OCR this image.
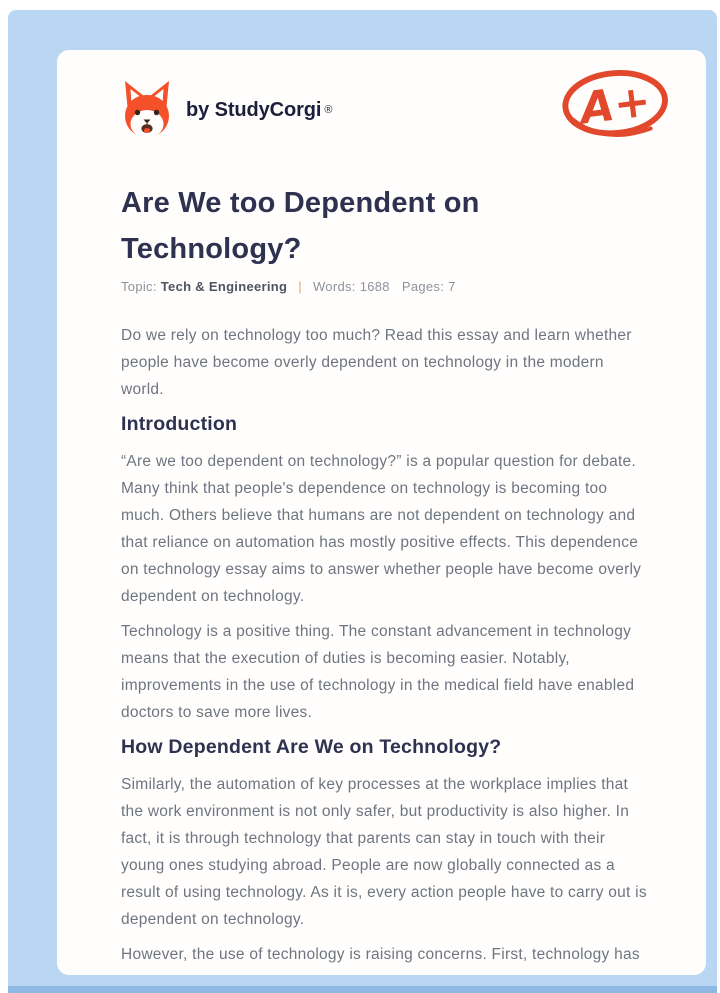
by StudyCorgi ®	A+
Are We too Dependent on Technology?
Topic: Tech & Engineering | Words: 1688 Pages: 7

Do we rely on technology too much? Read this essay and learn whether people have become overly dependent on technology in the modern world.

Introduction

“Are we too dependent on technology?” is a popular question for debate. Many think that people's dependence on technology is becoming too much. Others believe that humans are not dependent on technology and that reliance on automation has mostly positive effects. This dependence on technology essay aims to answer whether people have become overly dependent on technology.

Technology is a positive thing. The constant advancement in technology means that the execution of duties is becoming easier. Notably, improvements in the use of technology in the medical field have enabled doctors to save more lives.

How Dependent Are We on Technology?

Similarly, the automation of key processes at the workplace implies that the work environment is not only safer, but productivity is also higher. In fact, it is through technology that parents can stay in touch with their young ones studying abroad. People are now globally connected as a result of using technology. As it is, every action people have to carry out is dependent on technology.

However, the use of technology is raising concerns. First, technology has
